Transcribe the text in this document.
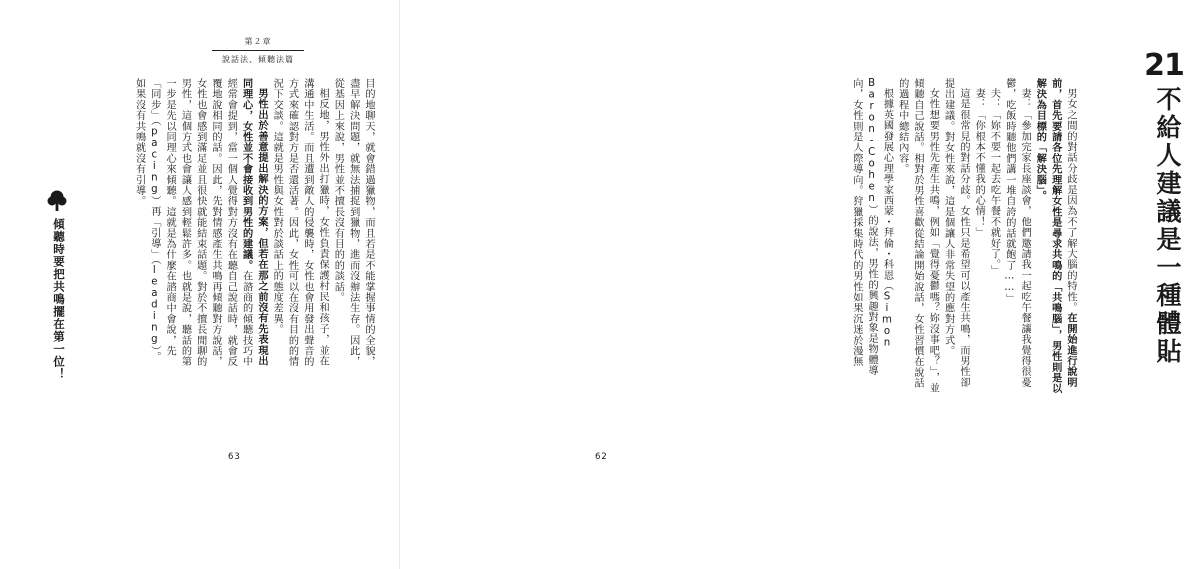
第２章
說話法、傾聽法篇

目的地聊天，就會錯過獵物，而且若是不能掌握事情的全貌，盡早解決問題，就無法捕捉到獵物，進而沒辦法生存。因此，從基因上來說，男性並不擅長沒有目的的談話。

相反地，男性外出打獵時，女性負責保護村民和孩子，並在溝通中生活。而且遭到敵人的侵襲時，女性也會用發出聲音的方式來確認對方是否還活著。因此，女性可以在沒有目的的情況下交談。這就是男性與女性對於談話上的態度差異。

男性出於善意提出解決的方案，但若在那之前沒有先表現出同理心，女性並不會接收到男性的建議。在諮商的傾聽技巧中經常會提到，當一個人覺得對方沒有在聽自己說話時，就會反覆地說相同的話。因此，先對情感產生共鳴再傾聽對方說話，女性也會感到滿足並且很快就能結束話題。對於不擅長閒聊的男性，這個方式也會讓人感到輕鬆許多。也就是說，聽話的第一步是先以同理心來傾聽。這就是為什麼在諮商中會說，先「同步」（pacing）再「引導」（leading）。如果沒有共鳴就沒有引導。

傾聽時要把共鳴擺在第一位！
63
21
不給人建議是一種體貼

男女之間的對話分歧是因為不了解大腦的特性。在開始進行說明前，首先要請各位先理解女性是尋求共鳴的「共鳴腦」，男性則是以解決為目標的「解決腦」。

妻：「參加完家長座談會，他們邀請我一起吃午餐讓我覺得很憂鬱，吃飯時聽他們講一堆自誇的話就飽了……」

夫：「妳不要一起去吃午餐不就好了。」

妻：「你根本不懂我的心情！」

這是很常見的對話分歧。女性只是希望可以產生共鳴，而男性卻提出建議。對女性來說，這是個讓人非常失望的應對方式。

女性想要男性先產生共鳴，例如「覺得憂鬱嗎？妳沒事吧？」，並傾聽自己說話。相對於男性喜歡從結論開始說話，女性習慣在說話的過程中總結內容。

根據英國發展心理學家西蒙・拜倫・科恩（Simon Baron-Cohen）的說法，男性的興趣對象是物體導向，女性則是人際導向。狩獵採集時代的男性如果沉迷於漫無

62
